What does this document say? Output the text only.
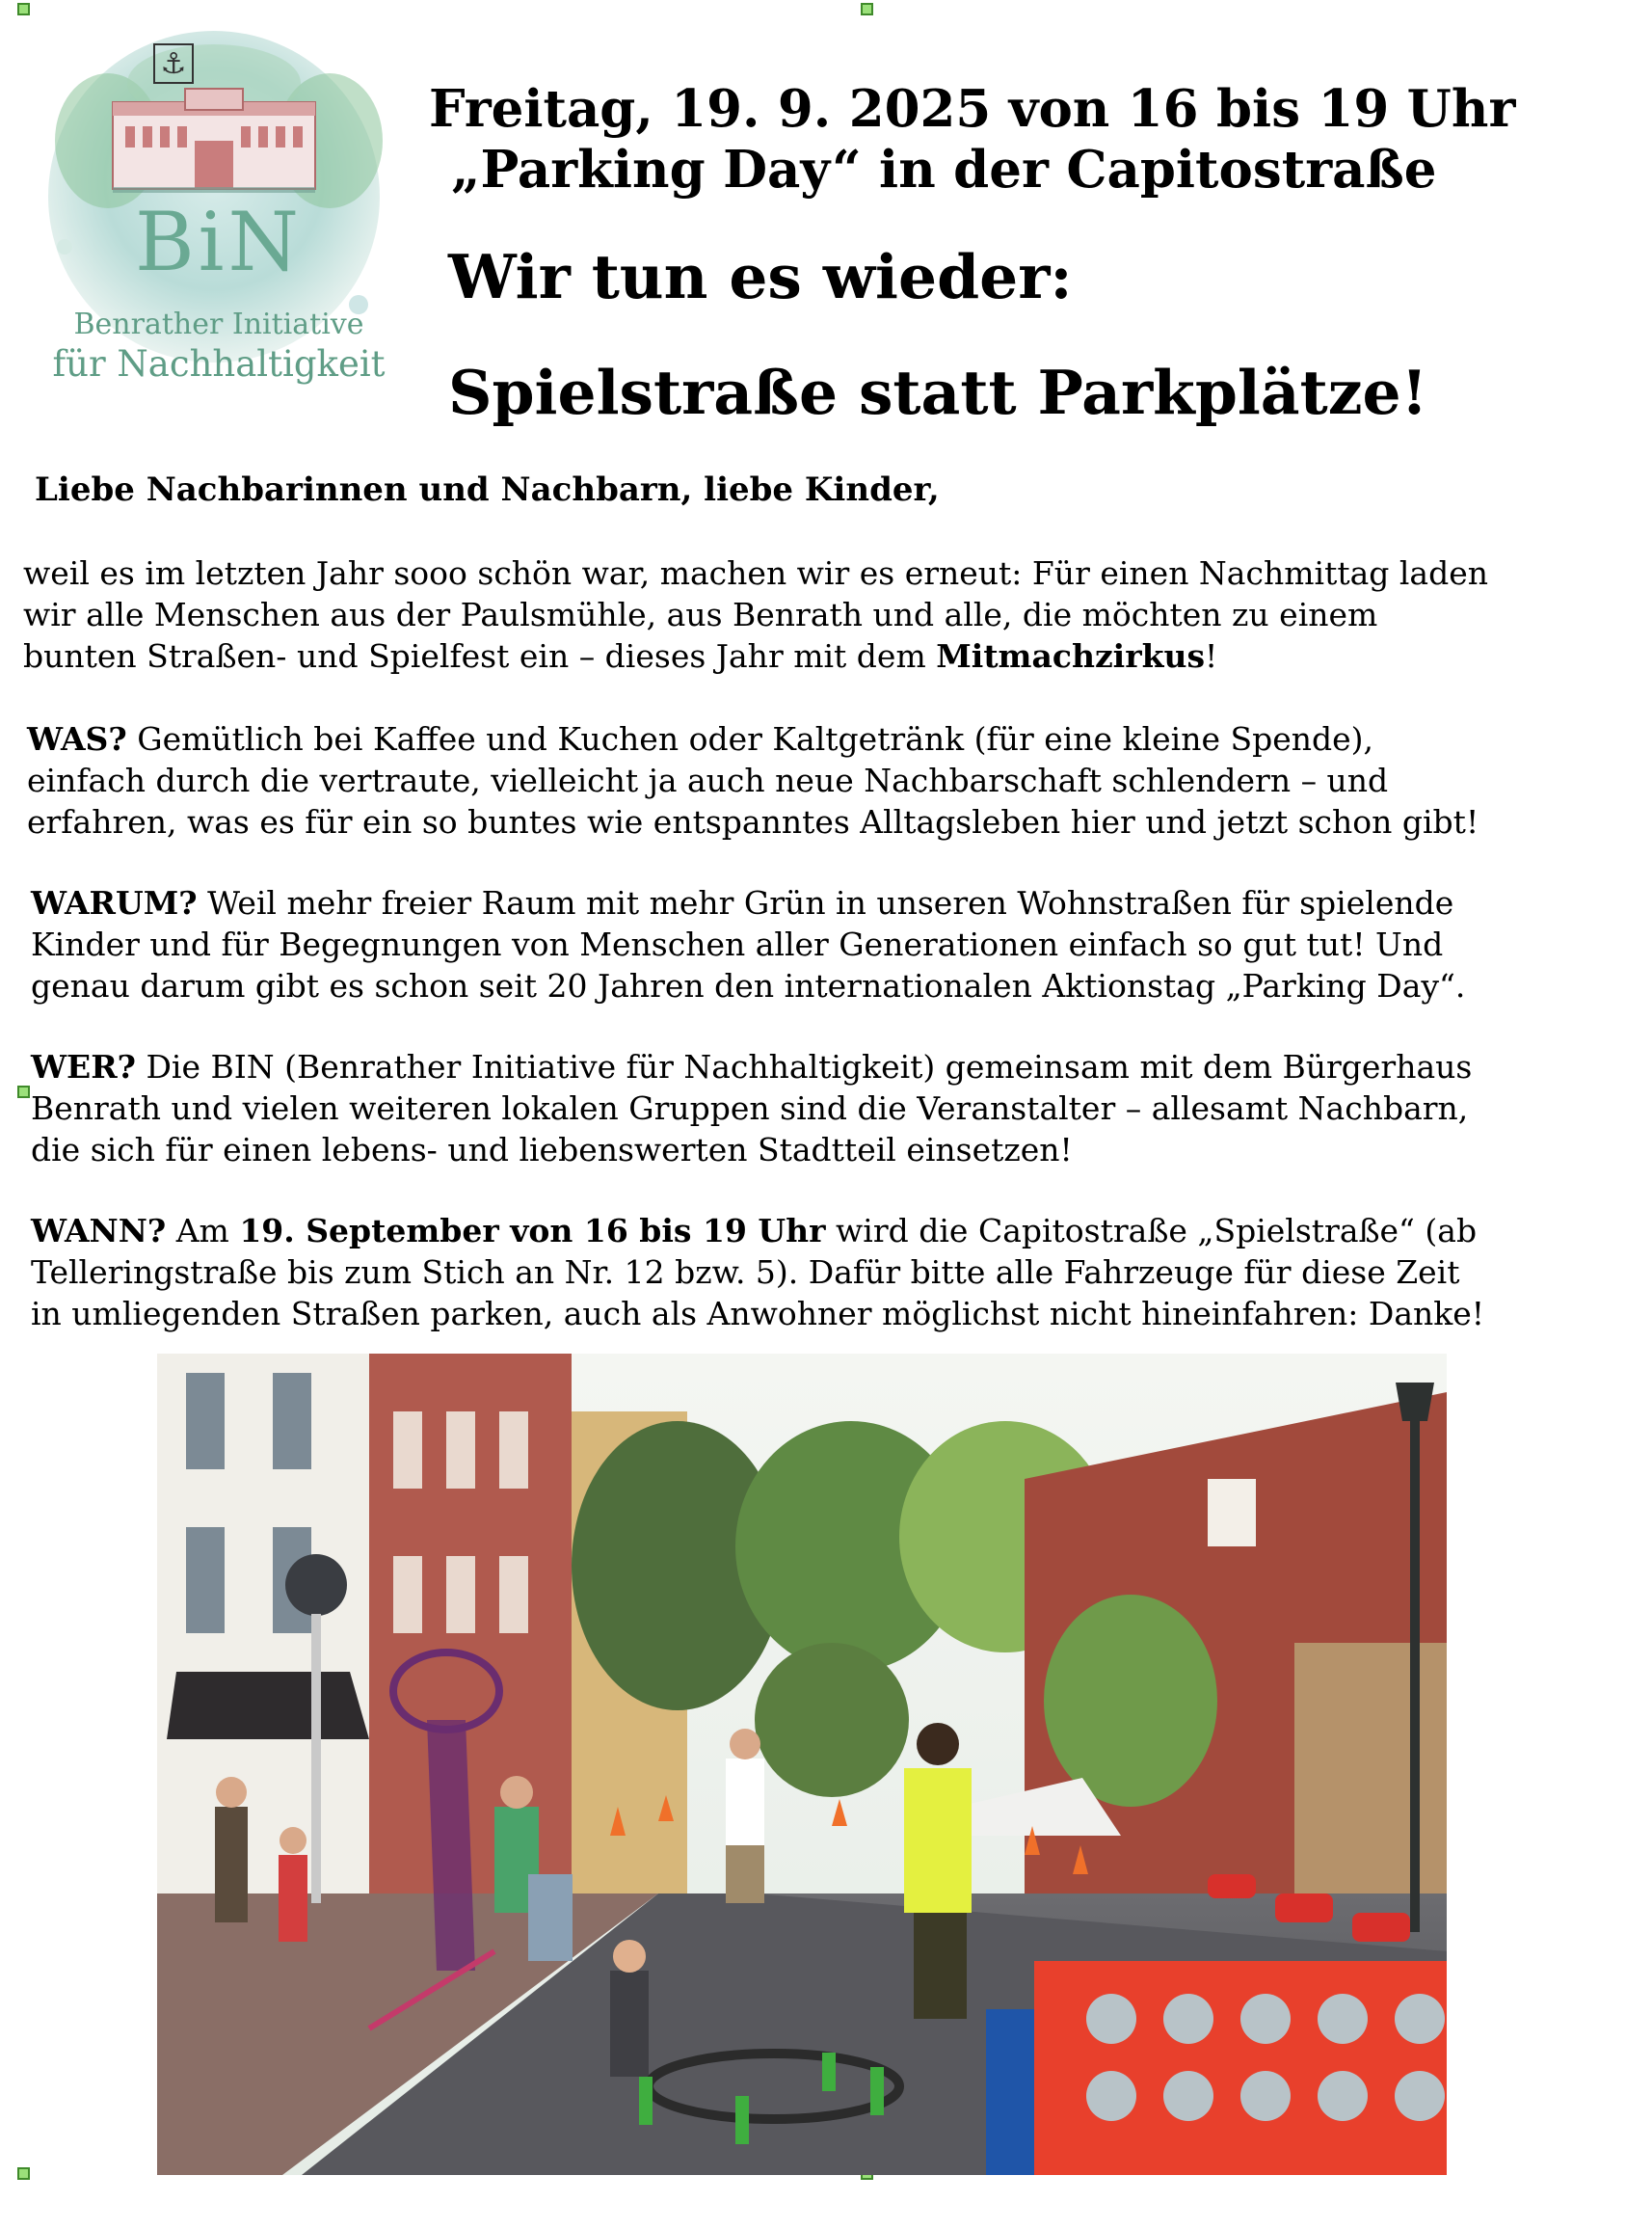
⚓
BiN
Benrather Initiative
für Nachhaltigkeit
Freitag, 19. 9. 2025 von 16 bis 19 Uhr
„Parking Day“ in der Capitostraße
Wir tun es wieder:
Spielstraße statt Parkplätze!
Liebe Nachbarinnen und Nachbarn, liebe Kinder,
weil es im letzten Jahr sooo schön war, machen wir es erneut: Für einen Nachmittag laden
wir alle Menschen aus der Paulsmühle, aus Benrath und alle, die möchten zu einem
bunten Straßen- und Spielfest ein – dieses Jahr mit dem Mitmachzirkus!
WAS? Gemütlich bei Kaffee und Kuchen oder Kaltgetränk (für eine kleine Spende),
einfach durch die vertraute, vielleicht ja auch neue Nachbarschaft schlendern – und
erfahren, was es für ein so buntes wie entspanntes Alltagsleben hier und jetzt schon gibt!
WARUM? Weil mehr freier Raum mit mehr Grün in unseren Wohnstraßen für spielende
Kinder und für Begegnungen von Menschen aller Generationen einfach so gut tut! Und
genau darum gibt es schon seit 20 Jahren den internationalen Aktionstag „Parking Day“.
WER? Die BIN (Benrather Initiative für Nachhaltigkeit) gemeinsam mit dem Bürgerhaus
Benrath und vielen weiteren lokalen Gruppen sind die Veranstalter – allesamt Nachbarn,
die sich für einen lebens- und liebenswerten Stadtteil einsetzen!
WANN? Am 19. September von 16 bis 19 Uhr wird die Capitostraße „Spielstraße“ (ab
Telleringstraße bis zum Stich an Nr. 12 bzw. 5). Dafür bitte alle Fahrzeuge für diese Zeit
in umliegenden Straßen parken, auch als Anwohner möglichst nicht hineinfahren: Danke!
